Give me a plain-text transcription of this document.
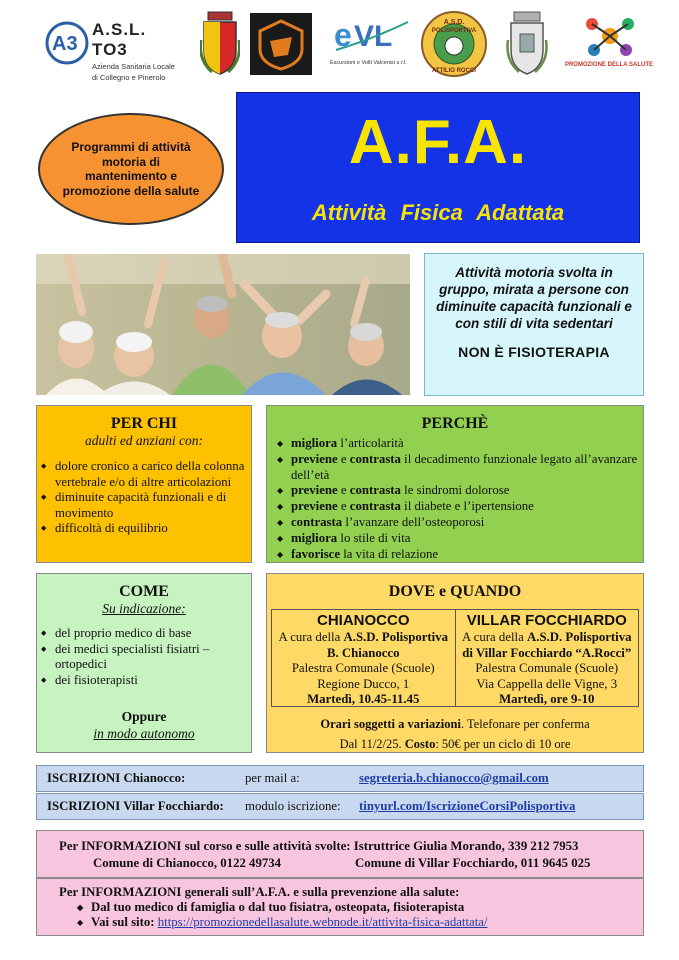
A3
A.S.L. TO3
Azienda Sanitaria Locale
di Collegno e Pinerolo
e VL
Escursioni e Volti Valcenisi s.r.l.
A.S.D.
POLISPORTIVA
ATTILIO ROCCI
PROMOZIONE DELLA SALUTE
Programmi di attività motoria di mantenimento e promozione della salute
A.F.A.
Attività Fisica Adattata
Attività motoria svolta in gruppo, mirata a persone con diminuite capacità funzionali e con stili di vita sedentari
NON È FISIOTERAPIA
PER CHI
adulti ed anziani con:
◆ dolore cronico a carico della colonna vertebrale e/o di altre articolazioni
◆ diminuite capacità funzionali e di movimento
◆ difficoltà di equilibrio
PERCHÈ
◆ migliora l’articolarità
◆ previene e contrasta il decadimento funzionale legato all’avanzare dell’età
◆ previene e contrasta le sindromi dolorose
◆ previene e contrasta il diabete e l’ipertensione
◆ contrasta l’avanzare dell’osteoporosi
◆ migliora lo stile di vita
◆ favorisce la vita di relazione
COME
Su indicazione:
◆ del proprio medico di base
◆ dei medici specialisti fisiatri – ortopedici
◆ dei fisioterapisti
Oppure
in modo autonomo
DOVE e QUANDO
CHIANOCCO
A cura della A.S.D. Polisportiva
B. Chianocco
Palestra Comunale (Scuole)
Regione Ducco, 1
Martedì, 10.45-11.45
VILLAR FOCCHIARDO
A cura della A.S.D. Polisportiva
di Villar Focchiardo “A.Rocci”
Palestra Comunale (Scuole)
Via Cappella delle Vigne, 3
Martedì, ore 9-10
Orari soggetti a variazioni. Telefonare per conferma
Dal 11/2/25. Costo: 50€ per un ciclo di 10 ore
ISCRIZIONI Chianocco:	per mail a:	segreteria.b.chianocco@gmail.com
ISCRIZIONI Villar Focchiardo: modulo iscrizione: tinyurl.com/IscrizioneCorsiPolisportiva
Per INFORMAZIONI sul corso e sulle attività svolte: Istruttrice Giulia Morando, 339 212 7953
Comune di Chianocco, 0122 49734	Comune di Villar Focchiardo, 011 9645 025
Per INFORMAZIONI generali sull’A.F.A. e sulla prevenzione alla salute:
◆ Dal tuo medico di famiglia o dal tuo fisiatra, osteopata, fisioterapista
◆ Vai sul sito: https://promozionedellasalute.webnode.it/attivita-fisica-adattata/
